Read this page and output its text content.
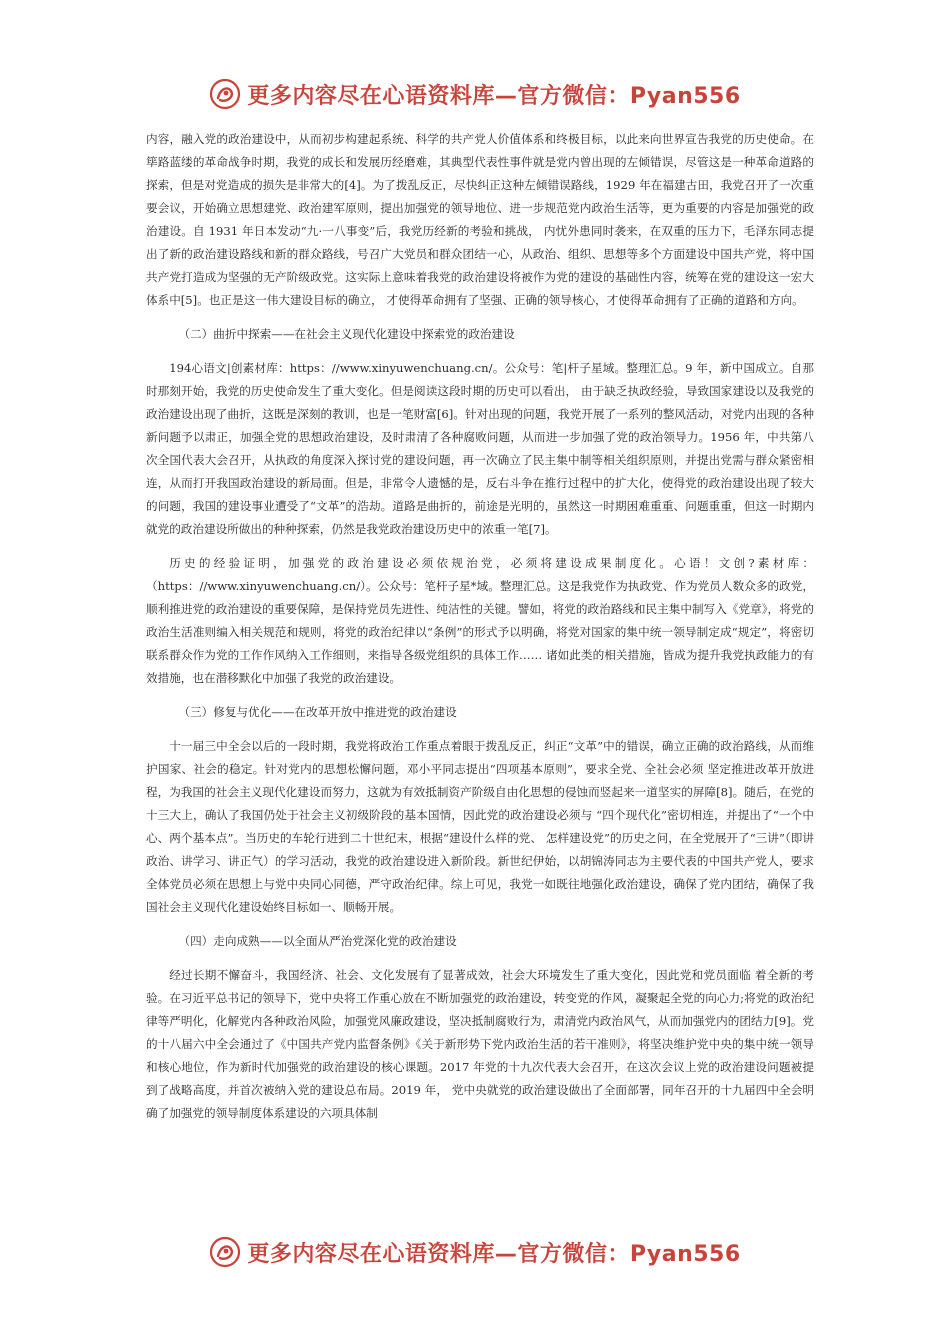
更多内容尽在心语资料库—官方微信：Pyan556

内容，融入党的政治建设中，从而初步构建起系统、科学的共产党人价值体系和终极目标，以此来向世界宣告我党的历史使命。在筚路蓝缕的革命战争时期，我党的成长和发展历经磨难，其典型代表性事件就是党内曾出现的左倾错误，尽管这是一种革命道路的探索，但是对党造成的损失是非常大的[4]。为了拨乱反正，尽快纠正这种左倾错误路线，1929 年在福建古田，我党召开了一次重要会议，开始确立思想建党、政治建军原则，提出加强党的领导地位、进一步规范党内政治生活等，更为重要的内容是加强党的政治建设。自 1931 年日本发动“九·一八事变”后，我党历经新的考验和挑战， 内忧外患同时袭来，在双重的压力下，毛泽东同志提出了新的政治建设路线和新的群众路线，号召广大党员和群众团结一心，从政治、组织、思想等多个方面建设中国共产党，将中国共产党打造成为坚强的无产阶级政党。这实际上意味着我党的政治建设将被作为党的建设的基础性内容，统筹在党的建设这一宏大体系中[5]。也正是这一伟大建设目标的确立， 才使得革命拥有了坚强、正确的领导核心，才使得革命拥有了正确的道路和方向。

（二）曲折中探索——在社会主义现代化建设中探索党的政治建设

194心语文|创素材库：https：//www.xinyuwenchuang.cn/。公众号：笔|杆子星域。整理汇总。9 年，新中国成立。自那时那刻开始，我党的历史使命发生了重大变化。但是阅读这段时期的历史可以看出， 由于缺乏执政经验，导致国家建设以及我党的政治建设出现了曲折，这既是深刻的教训，也是一笔财富[6]。针对出现的问题，我党开展了一系列的整风活动，对党内出现的各种新问题予以肃正，加强全党的思想政治建设，及时肃清了各种腐败问题，从而进一步加强了党的政治领导力。1956 年，中共第八次全国代表大会召开，从执政的角度深入探讨党的建设问题，再一次确立了民主集中制等相关组织原则，并提出党需与群众紧密相连，从而打开我国政治建设的新局面。但是，非常令人遗憾的是，反右斗争在推行过程中的扩大化，使得党的政治建设出现了较大的问题，我国的建设事业遭受了“文革”的浩劫。道路是曲折的，前途是光明的，虽然这一时期困难重重、问题重重，但这一时期内就党的政治建设所做出的种种探索，仍然是我党政治建设历史中的浓重一笔[7]。

历史的经验证明，加强党的政治建设必须依规治党，必须将建设成果制度化。心语！文创?素材库：（https：//www.xinyuwenchuang.cn/）。公众号：笔杆子星*域。整理汇总。这是我党作为执政党、作为党员人数众多的政党，顺利推进党的政治建设的重要保障，是保持党员先进性、纯洁性的关键。譬如，将党的政治路线和民主集中制写入《党章》，将党的政治生活准则编入相关规范和规则，将党的政治纪律以“条例”的形式予以明确，将党对国家的集中统一领导制定成“规定”，将密切联系群众作为党的工作作风纳入工作细则，来指导各级党组织的具体工作…… 诸如此类的相关措施，皆成为提升我党执政能力的有效措施，也在潜移默化中加强了我党的政治建设。

（三）修复与优化——在改革开放中推进党的政治建设

十一届三中全会以后的一段时期，我党将政治工作重点着眼于拨乱反正，纠正“文革”中的错误，确立正确的政治路线，从而维护国家、社会的稳定。针对党内的思想松懈问题，邓小平同志提出“四项基本原则”，要求全党、全社会必须 坚定推进改革开放进程，为我国的社会主义现代化建设而努力，这就为有效抵制资产阶级自由化思想的侵蚀而竖起来一道坚实的屏障[8]。随后，在党的十三大上，确认了我国仍处于社会主义初级阶段的基本国情，因此党的政治建设必须与 “四个现代化”密切相连，并提出了“一个中心、两个基本点”。当历史的车轮行进到二十世纪末，根据“建设什么样的党、 怎样建设党”的历史之问，在全党展开了“三讲”（即讲政治、讲学习、讲正气）的学习活动，我党的政治建设进入新阶段。新世纪伊始，以胡锦涛同志为主要代表的中国共产党人，要求全体党员必须在思想上与党中央同心同德，严守政治纪律。综上可见，我党一如既往地强化政治建设，确保了党内团结，确保了我国社会主义现代化建设始终目标如一、顺畅开展。

（四）走向成熟——以全面从严治党深化党的政治建设

经过长期不懈奋斗，我国经济、社会、文化发展有了显著成效，社会大环境发生了重大变化，因此党和党员面临 着全新的考验。在习近平总书记的领导下，党中央将工作重心放在不断加强党的政治建设，转变党的作风，凝聚起全党的向心力;将党的政治纪律等严明化，化解党内各种政治风险，加强党风廉政建设，坚决抵制腐败行为，肃清党内政治风气，从而加强党内的团结力[9]。党的十八届六中全会通过了《中国共产党内监督条例》《关于新形势下党内政治生活的若干准则》，将坚决维护党中央的集中统一领导和核心地位，作为新时代加强党的政治建设的核心课题。2017 年党的十九次代表大会召开，在这次会议上党的政治建设问题被提到了战略高度，并首次被纳入党的建设总布局。2019 年， 党中央就党的政治建设做出了全面部署，同年召开的十九届四中全会明确了加强党的领导制度体系建设的六项具体制

更多内容尽在心语资料库—官方微信：Pyan556
